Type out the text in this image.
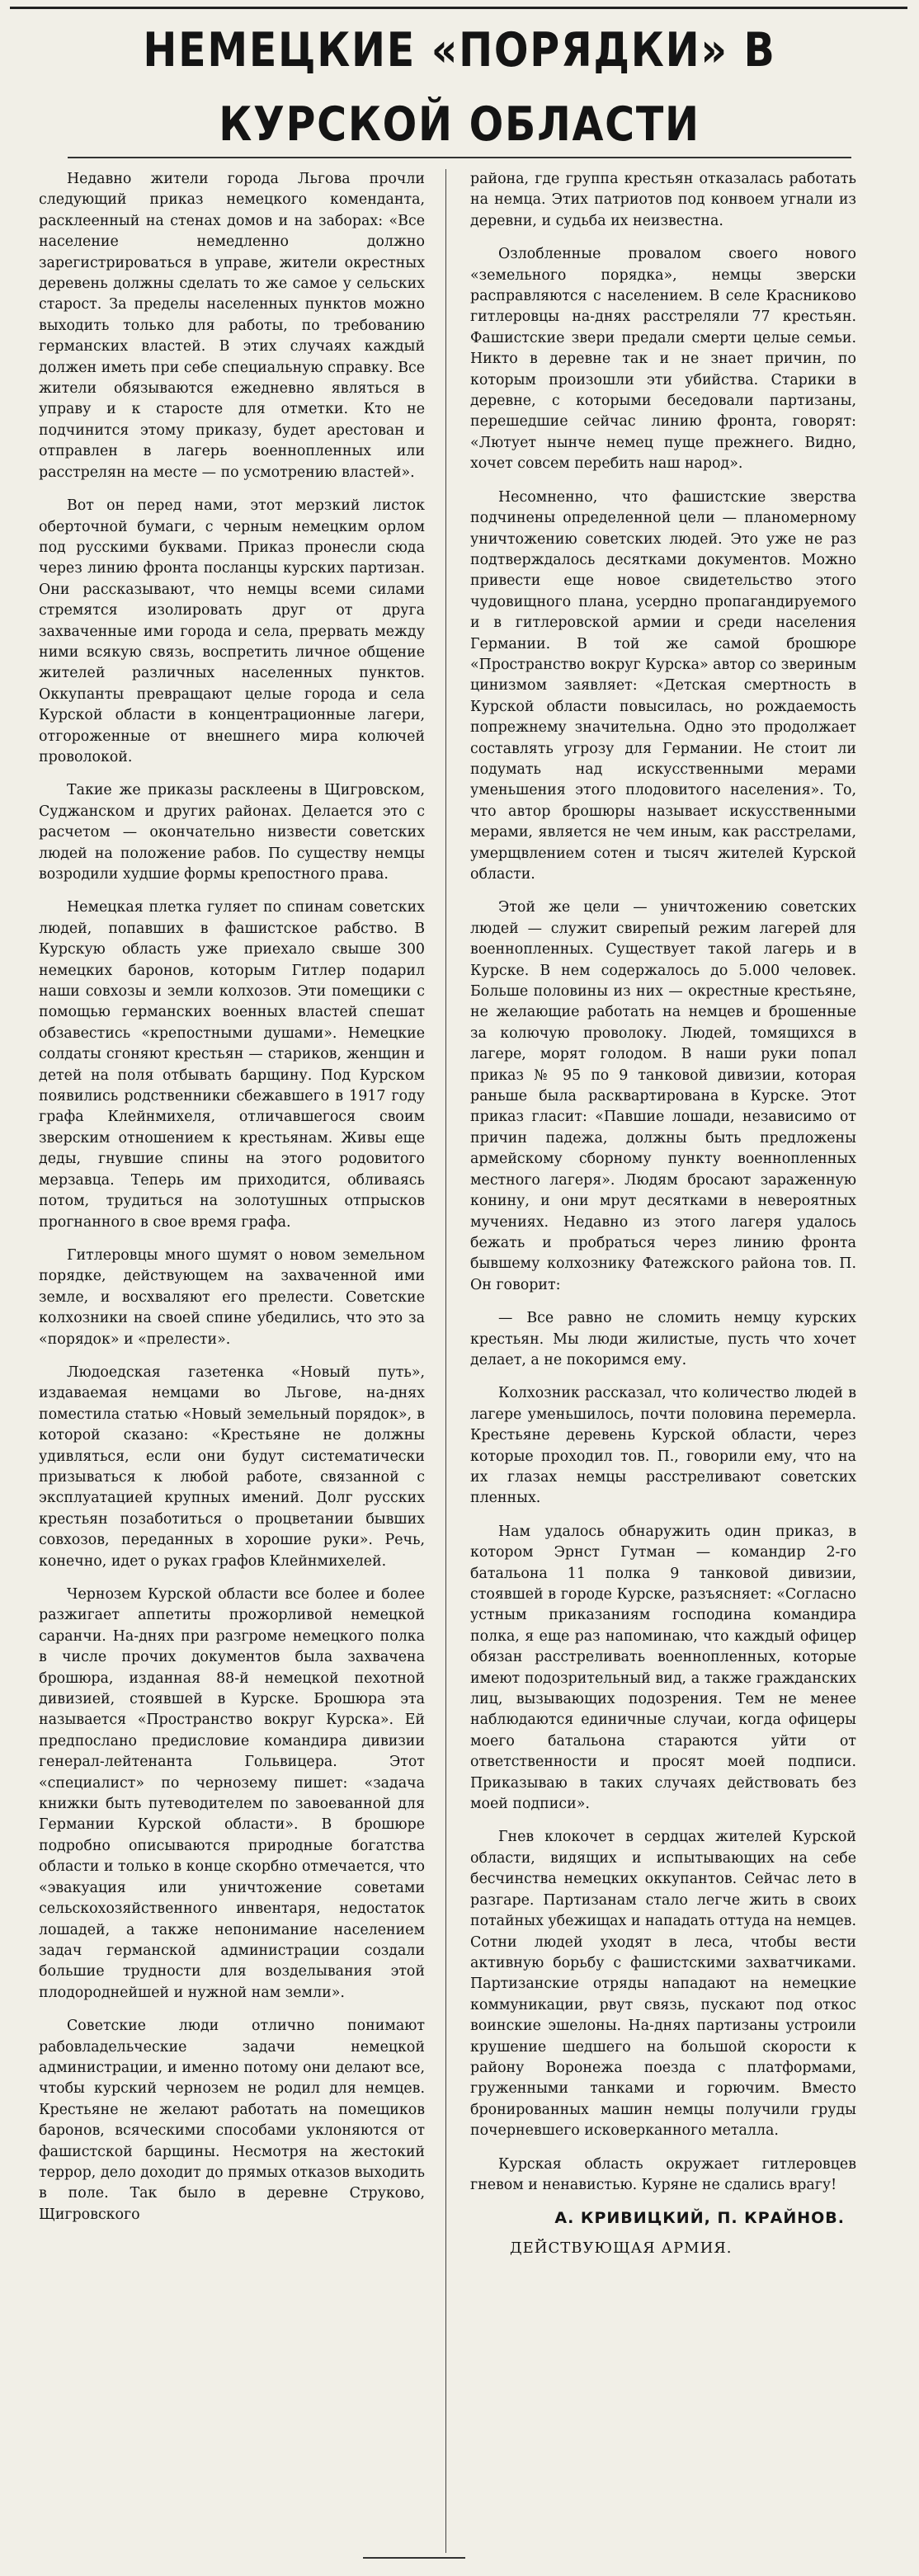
НЕМЕЦКИЕ «ПОРЯДКИ» В КУРСКОЙ ОБЛАСТИ

Недавно жители города Льгова прочли следующий приказ немецкого коменданта, расклеенный на стенах домов и на заборах: «Все население немедленно должно зарегистрироваться в управе, жители окрестных деревень должны сделать то же самое у сельских старост. За пределы населенных пунктов можно выходить только для работы, по требованию германских властей. В этих случаях каждый должен иметь при себе специальную справку. Все жители обязываются ежедневно являться в управу и к старосте для отметки. Кто не подчинится этому приказу, будет арестован и отправлен в лагерь военнопленных или расстрелян на месте — по усмотрению властей».

Вот он перед нами, этот мерзкий листок оберточной бумаги, с черным немецким орлом под русскими буквами. Приказ пронесли сюда через линию фронта посланцы курских партизан. Они рассказывают, что немцы всеми силами стремятся изолировать друг от друга захваченные ими города и села, прервать между ними всякую связь, воспретить личное общение жителей различных населенных пунктов. Оккупанты превращают целые города и села Курской области в концентрационные лагери, отгороженные от внешнего мира колючей проволокой.

Такие же приказы расклеены в Щигровском, Суджанском и других районах. Делается это с расчетом — окончательно низвести советских людей на положение рабов. По существу немцы возродили худшие формы крепостного права.

Немецкая плетка гуляет по спинам советских людей, попавших в фашистское рабство. В Курскую область уже приехало свыше 300 немецких баронов, которым Гитлер подарил наши совхозы и земли колхозов. Эти помещики с помощью германских военных властей спешат обзавестись «крепостными душами». Немецкие солдаты сгоняют крестьян — стариков, женщин и детей на поля отбывать барщину. Под Курском появились родственники сбежавшего в 1917 году графа Клейнмихеля, отличавшегося своим зверским отношением к крестьянам. Живы еще деды, гнувшие спины на этого родовитого мерзавца. Теперь им приходится, обливаясь потом, трудиться на золотушных отпрысков прогнанного в свое время графа.

Гитлеровцы много шумят о новом земельном порядке, действующем на захваченной ими земле, и восхваляют его прелести. Советские колхозники на своей спине убедились, что это за «порядок» и «прелести».

Людоедская газетенка «Новый путь», издаваемая немцами во Льгове, на-днях поместила статью «Новый земельный порядок», в которой сказано: «Крестьяне не должны удивляться, если они будут систематически призываться к любой работе, связанной с эксплуатацией крупных имений. Долг русских крестьян позаботиться о процветании бывших совхозов, переданных в хорошие руки». Речь, конечно, идет о руках графов Клейнмихелей.

Чернозем Курской области все более и более разжигает аппетиты прожорливой немецкой саранчи. На-днях при разгроме немецкого полка в числе прочих документов была захвачена брошюра, изданная 88-й немецкой пехотной дивизией, стоявшей в Курске. Брошюра эта называется «Пространство вокруг Курска». Ей предпослано предисловие командира дивизии генерал-лейтенанта Гольвицера. Этот «специалист» по чернозему пишет: «задача книжки быть путеводителем по завоеванной для Германии Курской области». В брошюре подробно описываются природные богатства области и только в конце скорбно отмечается, что «эвакуация или уничтожение советами сельскохозяйственного инвентаря, недостаток лошадей, а также непонимание населением задач германской администрации создали большие трудности для возделывания этой плодороднейшей и нужной нам земли».

Советские люди отлично понимают рабовладельческие задачи немецкой администрации, и именно потому они делают все, чтобы курский чернозем не родил для немцев. Крестьяне не желают работать на помещиков баронов, всяческими способами уклоняются от фашистской барщины. Несмотря на жестокий террор, дело доходит до прямых отказов выходить в поле. Так было в деревне Струково, Щигровского

района, где группа крестьян отказалась работать на немца. Этих патриотов под конвоем угнали из деревни, и судьба их неизвестна.

Озлобленные провалом своего нового «земельного порядка», немцы зверски расправляются с населением. В селе Красниково гитлеровцы на-днях расстреляли 77 крестьян. Фашистские звери предали смерти целые семьи. Никто в деревне так и не знает причин, по которым произошли эти убийства. Старики в деревне, с которыми беседовали партизаны, перешедшие сейчас линию фронта, говорят: «Лютует нынче немец пуще прежнего. Видно, хочет совсем перебить наш народ».

Несомненно, что фашистские зверства подчинены определенной цели — планомерному уничтожению советских людей. Это уже не раз подтверждалось десятками документов. Можно привести еще новое свидетельство этого чудовищного плана, усердно пропагандируемого и в гитлеровской армии и среди населения Германии. В той же самой брошюре «Пространство вокруг Курска» автор со звериным цинизмом заявляет: «Детская смертность в Курской области повысилась, но рождаемость попрежнему значительна. Одно это продолжает составлять угрозу для Германии. Не стоит ли подумать над искусственными мерами уменьшения этого плодовитого населения». То, что автор брошюры называет искусственными мерами, является не чем иным, как расстрелами, умерщвлением сотен и тысяч жителей Курской области.

Этой же цели — уничтожению советских людей — служит свирепый режим лагерей для военнопленных. Существует такой лагерь и в Курске. В нем содержалось до 5.000 человек. Больше половины из них — окрестные крестьяне, не желающие работать на немцев и брошенные за колючую проволоку. Людей, томящихся в лагере, морят голодом. В наши руки попал приказ № 95 по 9 танковой дивизии, которая раньше была расквартирована в Курске. Этот приказ гласит: «Павшие лошади, независимо от причин падежа, должны быть предложены армейскому сборному пункту военнопленных местного лагеря». Людям бросают зараженную конину, и они мрут десятками в невероятных мучениях. Недавно из этого лагеря удалось бежать и пробраться через линию фронта бывшему колхознику Фатежского района тов. П. Он говорит:

— Все равно не сломить немцу курских крестьян. Мы люди жилистые, пусть что хочет делает, а не покоримся ему.

Колхозник рассказал, что количество людей в лагере уменьшилось, почти половина перемерла. Крестьяне деревень Курской области, через которые проходил тов. П., говорили ему, что на их глазах немцы расстреливают советских пленных.

Нам удалось обнаружить один приказ, в котором Эрнст Гутман — командир 2-го батальона 11 полка 9 танковой дивизии, стоявшей в городе Курске, разъясняет: «Согласно устным приказаниям господина командира полка, я еще раз напоминаю, что каждый офицер обязан расстреливать военнопленных, которые имеют подозрительный вид, а также гражданских лиц, вызывающих подозрения. Тем не менее наблюдаются единичные случаи, когда офицеры моего батальона стараются уйти от ответственности и просят моей подписи. Приказываю в таких случаях действовать без моей подписи».

Гнев клокочет в сердцах жителей Курской области, видящих и испытывающих на себе бесчинства немецких оккупантов. Сейчас лето в разгаре. Партизанам стало легче жить в своих потайных убежищах и нападать оттуда на немцев. Сотни людей уходят в леса, чтобы вести активную борьбу с фашистскими захватчиками. Партизанские отряды нападают на немецкие коммуникации, рвут связь, пускают под откос воинские эшелоны. На-днях партизаны устроили крушение шедшего на большой скорости к району Воронежа поезда с платформами, груженными танками и горючим. Вместо бронированных машин немцы получили груды почерневшего исковерканного металла.

Курская область окружает гитлеровцев гневом и ненавистью. Куряне не сдались врагу!

А. КРИВИЦКИЙ, П. КРАЙНОВ.
ДЕЙСТВУЮЩАЯ АРМИЯ.
